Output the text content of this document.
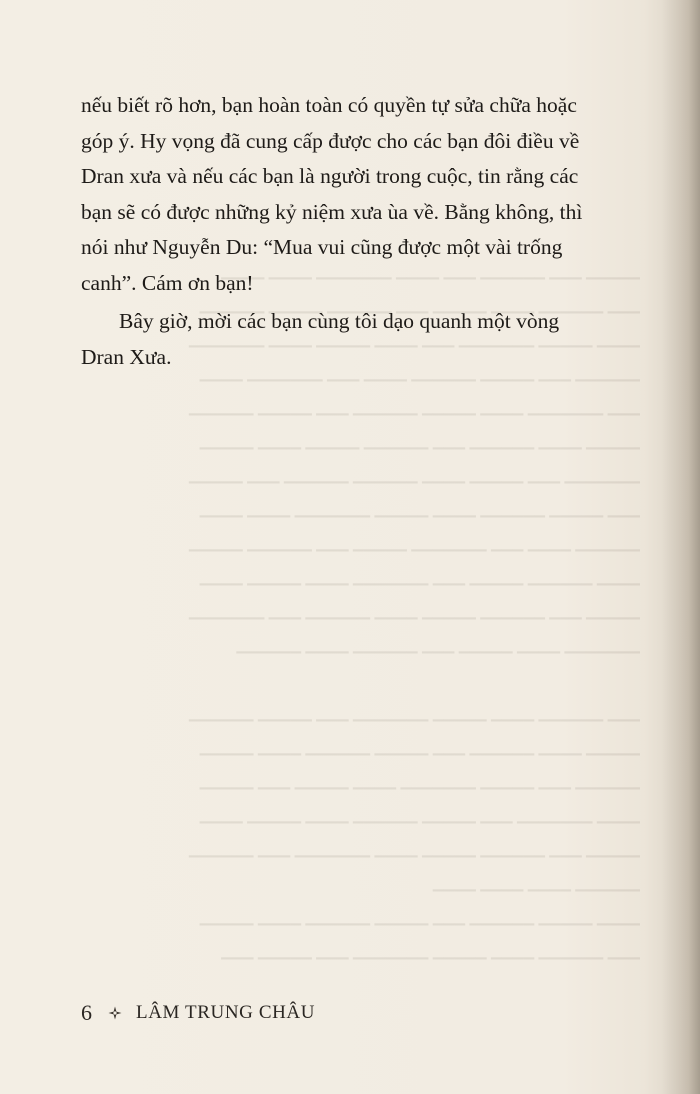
▁▁▁▁▁ ▁▁▁ ▁▁▁▁▁▁ ▁▁▁ ▁▁▁▁ ▁▁▁▁▁▁▁ ▁▁▁▁ ▁▁▁▁
▁▁▁ ▁▁▁▁▁▁ ▁▁▁▁ ▁▁▁▁▁ ▁▁▁ ▁▁▁▁▁▁ ▁▁▁▁▁ ▁▁▁▁▁▁
▁▁▁▁ ▁▁▁▁▁ ▁▁▁▁▁▁▁ ▁▁▁ ▁▁▁▁ ▁▁▁▁▁ ▁▁▁▁ ▁▁▁▁▁▁▁
▁▁▁▁▁▁ ▁▁▁ ▁▁▁▁▁ ▁▁▁▁▁▁ ▁▁▁▁ ▁▁▁ ▁▁▁▁▁▁▁ ▁▁▁▁
▁▁▁ ▁▁▁▁▁▁▁ ▁▁▁▁ ▁▁▁▁▁ ▁▁▁▁▁▁ ▁▁▁ ▁▁▁▁▁ ▁▁▁▁▁▁
▁▁▁▁▁ ▁▁▁▁ ▁▁▁▁▁▁ ▁▁▁ ▁▁▁▁▁▁ ▁▁▁▁▁ ▁▁▁▁ ▁▁▁▁▁
▁▁▁▁▁▁▁ ▁▁▁ ▁▁▁▁▁ ▁▁▁▁ ▁▁▁▁▁▁ ▁▁▁▁▁▁ ▁▁▁ ▁▁▁▁▁
▁▁▁ ▁▁▁▁▁ ▁▁▁▁▁▁ ▁▁▁▁ ▁▁▁▁▁ ▁▁▁▁▁▁▁ ▁▁▁▁ ▁▁▁▁
▁▁▁▁▁▁ ▁▁▁▁ ▁▁▁ ▁▁▁▁▁▁▁ ▁▁▁▁▁ ▁▁▁ ▁▁▁▁▁▁ ▁▁▁▁▁
▁▁▁▁ ▁▁▁▁▁▁ ▁▁▁▁▁ ▁▁▁ ▁▁▁▁▁▁▁ ▁▁▁▁ ▁▁▁▁▁ ▁▁▁▁
▁▁▁▁▁ ▁▁▁ ▁▁▁▁▁▁ ▁▁▁▁▁ ▁▁▁▁ ▁▁▁▁▁▁ ▁▁▁ ▁▁▁▁▁▁▁
▁▁▁▁▁▁▁ ▁▁▁▁ ▁▁▁▁▁ ▁▁▁ ▁▁▁▁▁▁ ▁▁▁▁ ▁▁▁▁▁▁

▁▁▁ ▁▁▁▁▁▁ ▁▁▁▁ ▁▁▁▁▁ ▁▁▁▁▁▁▁ ▁▁▁ ▁▁▁▁▁ ▁▁▁▁▁▁
▁▁▁▁▁ ▁▁▁▁ ▁▁▁▁▁▁ ▁▁▁ ▁▁▁▁▁ ▁▁▁▁▁▁ ▁▁▁▁ ▁▁▁▁▁
▁▁▁▁▁▁ ▁▁▁ ▁▁▁▁▁ ▁▁▁▁▁▁▁ ▁▁▁▁ ▁▁▁▁▁ ▁▁▁ ▁▁▁▁▁
▁▁▁▁ ▁▁▁▁▁▁▁ ▁▁▁ ▁▁▁▁▁ ▁▁▁▁▁▁ ▁▁▁▁ ▁▁▁▁▁ ▁▁▁▁
▁▁▁▁▁ ▁▁▁ ▁▁▁▁▁▁ ▁▁▁▁▁ ▁▁▁▁ ▁▁▁▁▁▁▁ ▁▁▁ ▁▁▁▁▁▁
▁▁▁▁▁▁ ▁▁▁▁ ▁▁▁▁ ▁▁▁▁
▁▁▁▁ ▁▁▁▁▁ ▁▁▁▁▁▁ ▁▁▁ ▁▁▁▁▁ ▁▁▁▁▁▁ ▁▁▁▁ ▁▁▁▁▁
▁▁▁ ▁▁▁▁▁▁ ▁▁▁▁ ▁▁▁▁▁ ▁▁▁▁▁▁▁ ▁▁▁ ▁▁▁▁▁ ▁▁▁

nếu biết rõ hơn, bạn hoàn toàn có quyền tự sửa chữa hoặc
góp ý. Hy vọng đã cung cấp được cho các bạn đôi điều về
Dran xưa và nếu các bạn là người trong cuộc, tin rằng các
bạn sẽ có được những kỷ niệm xưa ùa về. Bằng không, thì
nói như Nguyễn Du: “Mua vui cũng được một vài trống
canh”. Cám ơn bạn!

Bây giờ, mời các bạn cùng tôi dạo quanh một vòng
Dran Xưa.

6 LÂM TRUNG CHÂU
